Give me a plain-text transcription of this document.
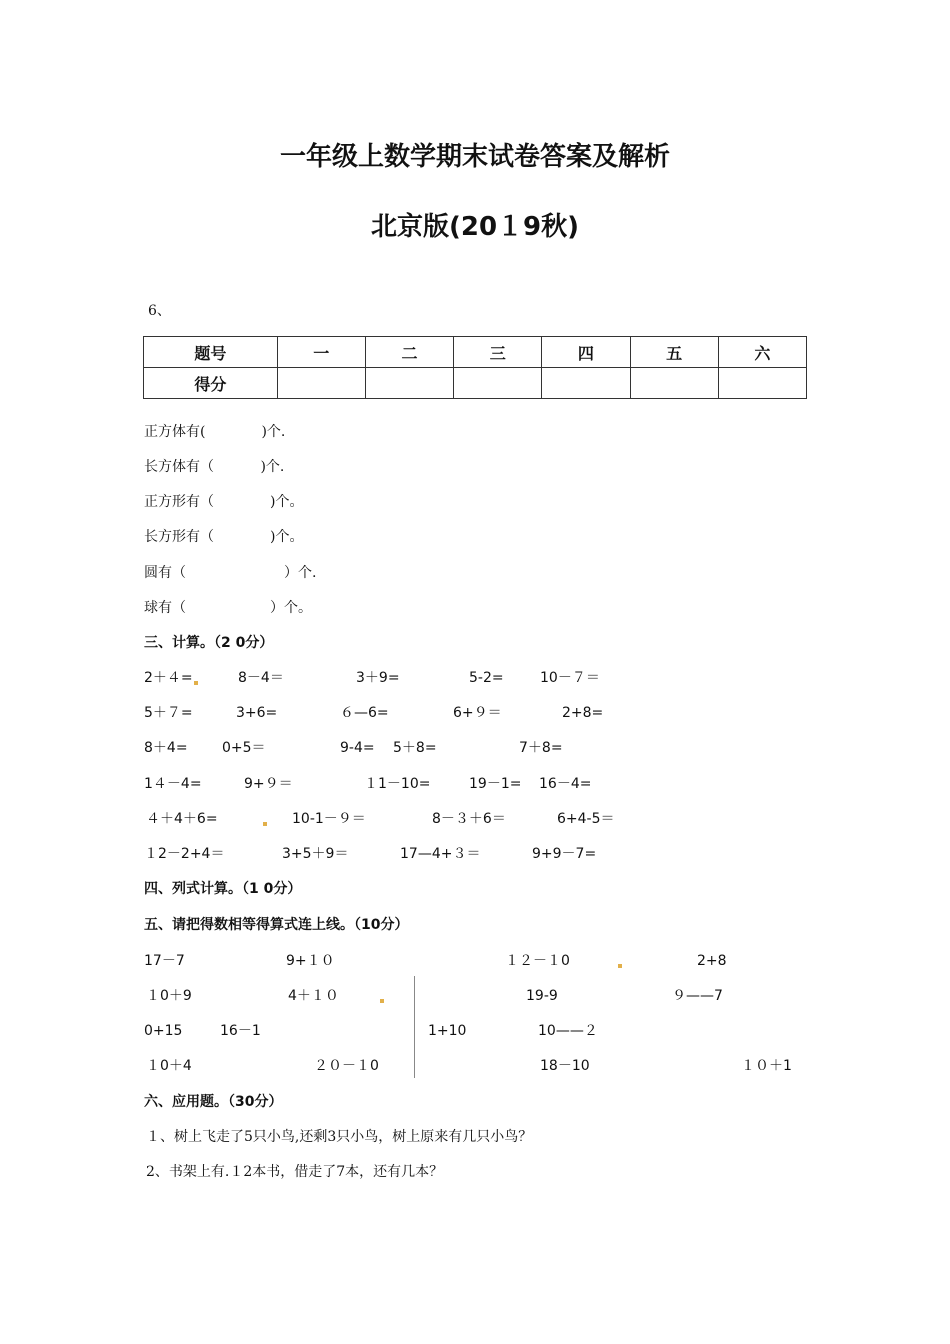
一年级上数学期末试卷答案及解析
北京版(20１9秋)
6、
题号	一	二	三	四	五	六
得分						
正方体有(　　　　)个.
长方体有（　　　 )个.
正方形有（　　　　)个。
长方形有（　　　　)个。
圆有（　　　　　　　）个.
球有（　　　　　　）个。
三、计算。（2 0分）
2＋４=	8－4＝	3＋9=	5-2=	10－７＝
5＋７=	3+6=	６—6=	6+９＝	2+8=
8＋4= 0+5＝	9-4= 5＋8=	7＋8=
1４－4=	9+９＝	１1－10=	19－1= 16－4=
４＋4＋6=	10-1－９＝	8－３＋6＝	6+4-5＝
１2－2+4＝	3+5＋9＝	17—4+３＝	9+9－7=
四、列式计算。（1 0分）
五、请把得数相等得算式连上线。（10分）
17－7	9+１０	１２－１0	2+8
１0＋9	4＋１０	19-9	９——7
0+15	16－1	1+10	10——２
１0＋4	２０－１0	18－10	１０＋1
六、应用题。（30分）
１、树上飞走了5只小鸟,还剩3只小鸟，树上原来有几只小鸟？
2、书架上有.１2本书，借走了7本，还有几本？
